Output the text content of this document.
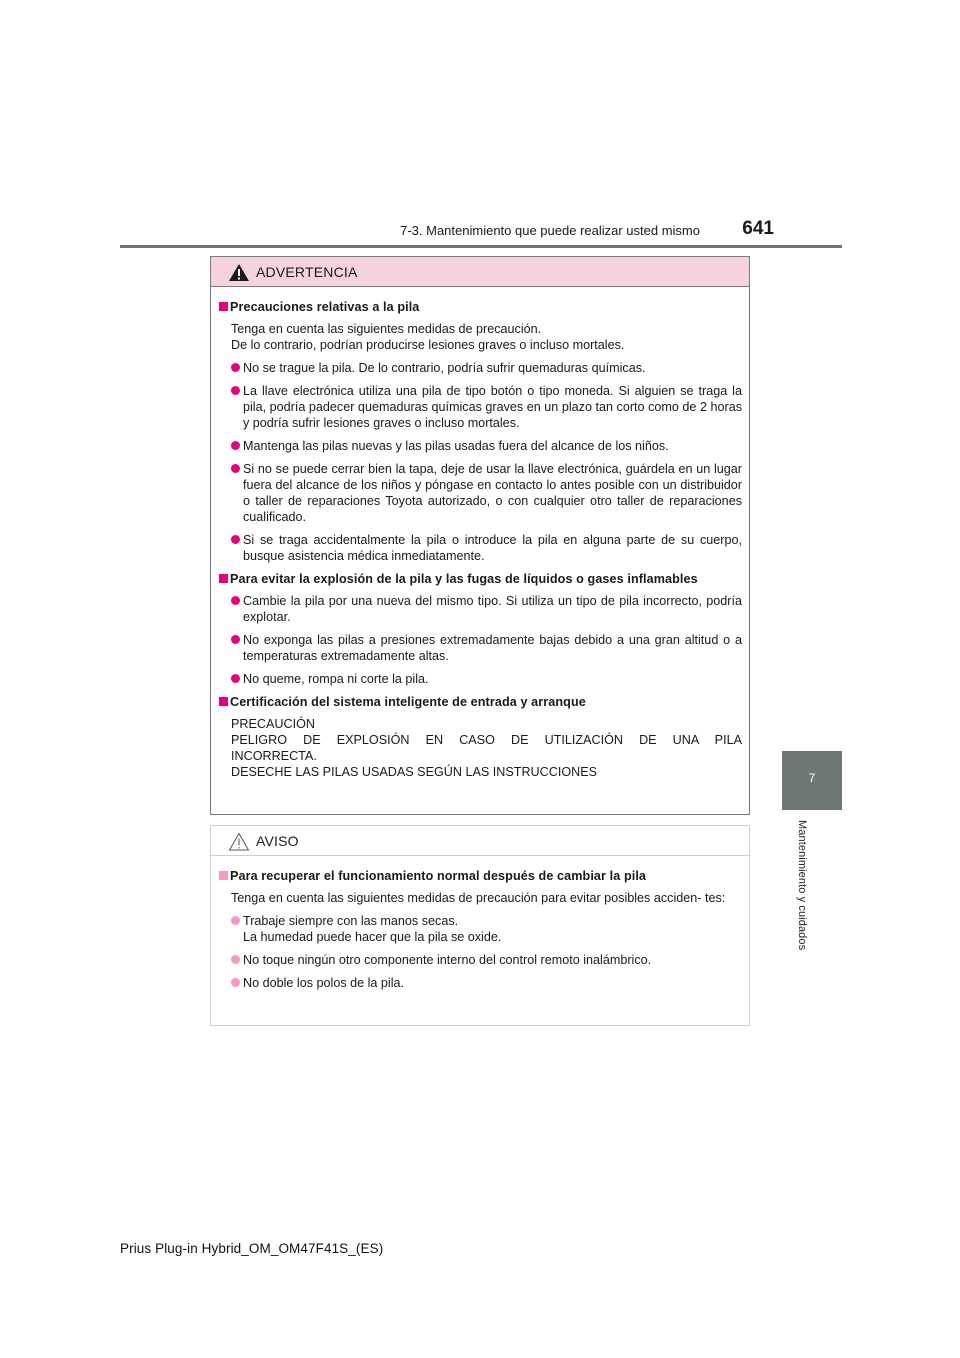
7-3. Mantenimiento que puede realizar usted mismo 641
7
Mantenimiento y cuidados
ADVERTENCIA
Precauciones relativas a la pila
Tenga en cuenta las siguientes medidas de precaución.
De lo contrario, podrían producirse lesiones graves o incluso mortales.
No se trague la pila. De lo contrario, podría sufrir quemaduras químicas.
La llave electrónica utiliza una pila de tipo botón o tipo moneda. Si alguien se traga la pila, podría padecer quemaduras químicas graves en un plazo tan corto como de 2 horas y podría sufrir lesiones graves o incluso mortales.
Mantenga las pilas nuevas y las pilas usadas fuera del alcance de los niños.
Si no se puede cerrar bien la tapa, deje de usar la llave electrónica, guárdela en un lugar fuera del alcance de los niños y póngase en contacto lo antes posible con un distribuidor o taller de reparaciones Toyota autorizado, o con cualquier otro taller de reparaciones cualificado.
Si se traga accidentalmente la pila o introduce la pila en alguna parte de su cuerpo, busque asistencia médica inmediatamente.
Para evitar la explosión de la pila y las fugas de líquidos o gases inflamables
Cambie la pila por una nueva del mismo tipo. Si utiliza un tipo de pila incorrecto, podría explotar.
No exponga las pilas a presiones extremadamente bajas debido a una gran altitud o a temperaturas extremadamente altas.
No queme, rompa ni corte la pila.
Certificación del sistema inteligente de entrada y arranque
PRECAUCIÓN
PELIGRO DE EXPLOSIÓN EN CASO DE UTILIZACIÓN DE UNA PILA
INCORRECTA.
DESECHE LAS PILAS USADAS SEGÚN LAS INSTRUCCIONES
AVISO
Para recuperar el funcionamiento normal después de cambiar la pila
Tenga en cuenta las siguientes medidas de precaución para evitar posibles acciden- tes:
Trabaje siempre con las manos secas.
La humedad puede hacer que la pila se oxide.
No toque ningún otro componente interno del control remoto inalámbrico.
No doble los polos de la pila.
Prius Plug-in Hybrid_OM_OM47F41S_(ES)
